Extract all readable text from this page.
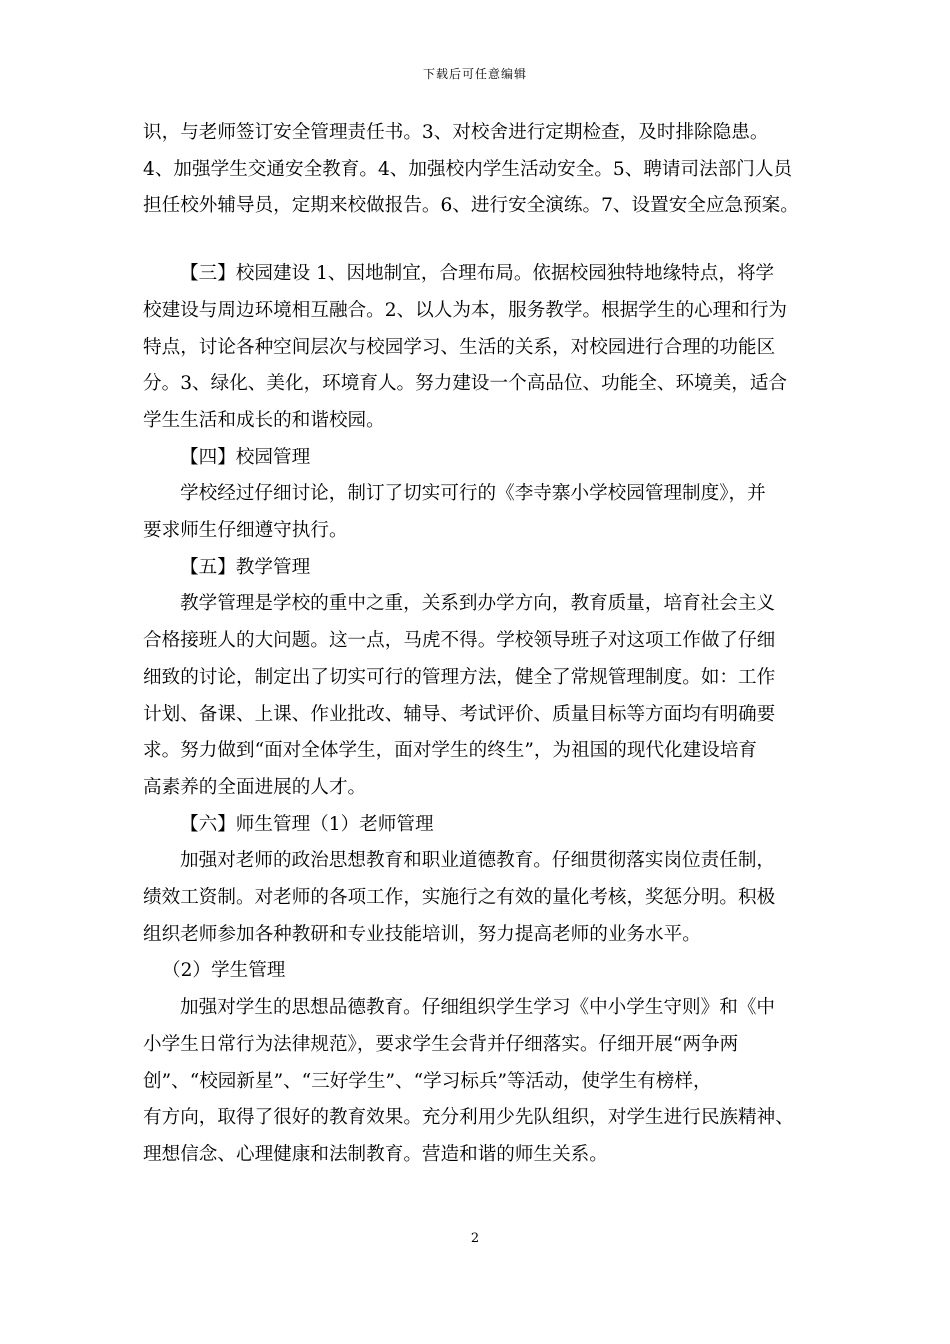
下载后可任意编辑

识，与老师签订安全管理责任书。3、对校舍进行定期检查，及时排除隐患。
4、加强学生交通安全教育。4、加强校内学生活动安全。5、聘请司法部门人员
担任校外辅导员，定期来校做报告。6、进行安全演练。7、设置安全应急预案。

【三】校园建设 1、因地制宜，合理布局。依据校园独特地缘特点，将学
校建设与周边环境相互融合。2、以人为本，服务教学。根据学生的心理和行为
特点，讨论各种空间层次与校园学习、生活的关系，对校园进行合理的功能区
分。3、绿化、美化，环境育人。努力建设一个高品位、功能全、环境美，适合
学生生活和成长的和谐校园。

【四】校园管理

学校经过仔细讨论，制订了切实可行的《李寺寨小学校园管理制度》，并
要求师生仔细遵守执行。

【五】教学管理

教学管理是学校的重中之重，关系到办学方向，教育质量，培育社会主义
合格接班人的大问题。这一点，马虎不得。学校领导班子对这项工作做了仔细
细致的讨论，制定出了切实可行的管理方法，健全了常规管理制度。如：工作
计划、备课、上课、作业批改、辅导、考试评价、质量目标等方面均有明确要
求。努力做到“面对全体学生，面对学生的终生”，为祖国的现代化建设培育
高素养的全面进展的人才。

【六】师生管理（1）老师管理

加强对老师的政治思想教育和职业道德教育。仔细贯彻落实岗位责任制，
绩效工资制。对老师的各项工作，实施行之有效的量化考核，奖惩分明。积极
组织老师参加各种教研和专业技能培训，努力提高老师的业务水平。

（2）学生管理

加强对学生的思想品德教育。仔细组织学生学习《中小学生守则》和《中
小学生日常行为法律规范》，要求学生会背并仔细落实。仔细开展“两争两
创”、“校园新星”、“三好学生”、“学习标兵”等活动，使学生有榜样，
有方向，取得了很好的教育效果。充分利用少先队组织，对学生进行民族精神、
理想信念、心理健康和法制教育。营造和谐的师生关系。

2
